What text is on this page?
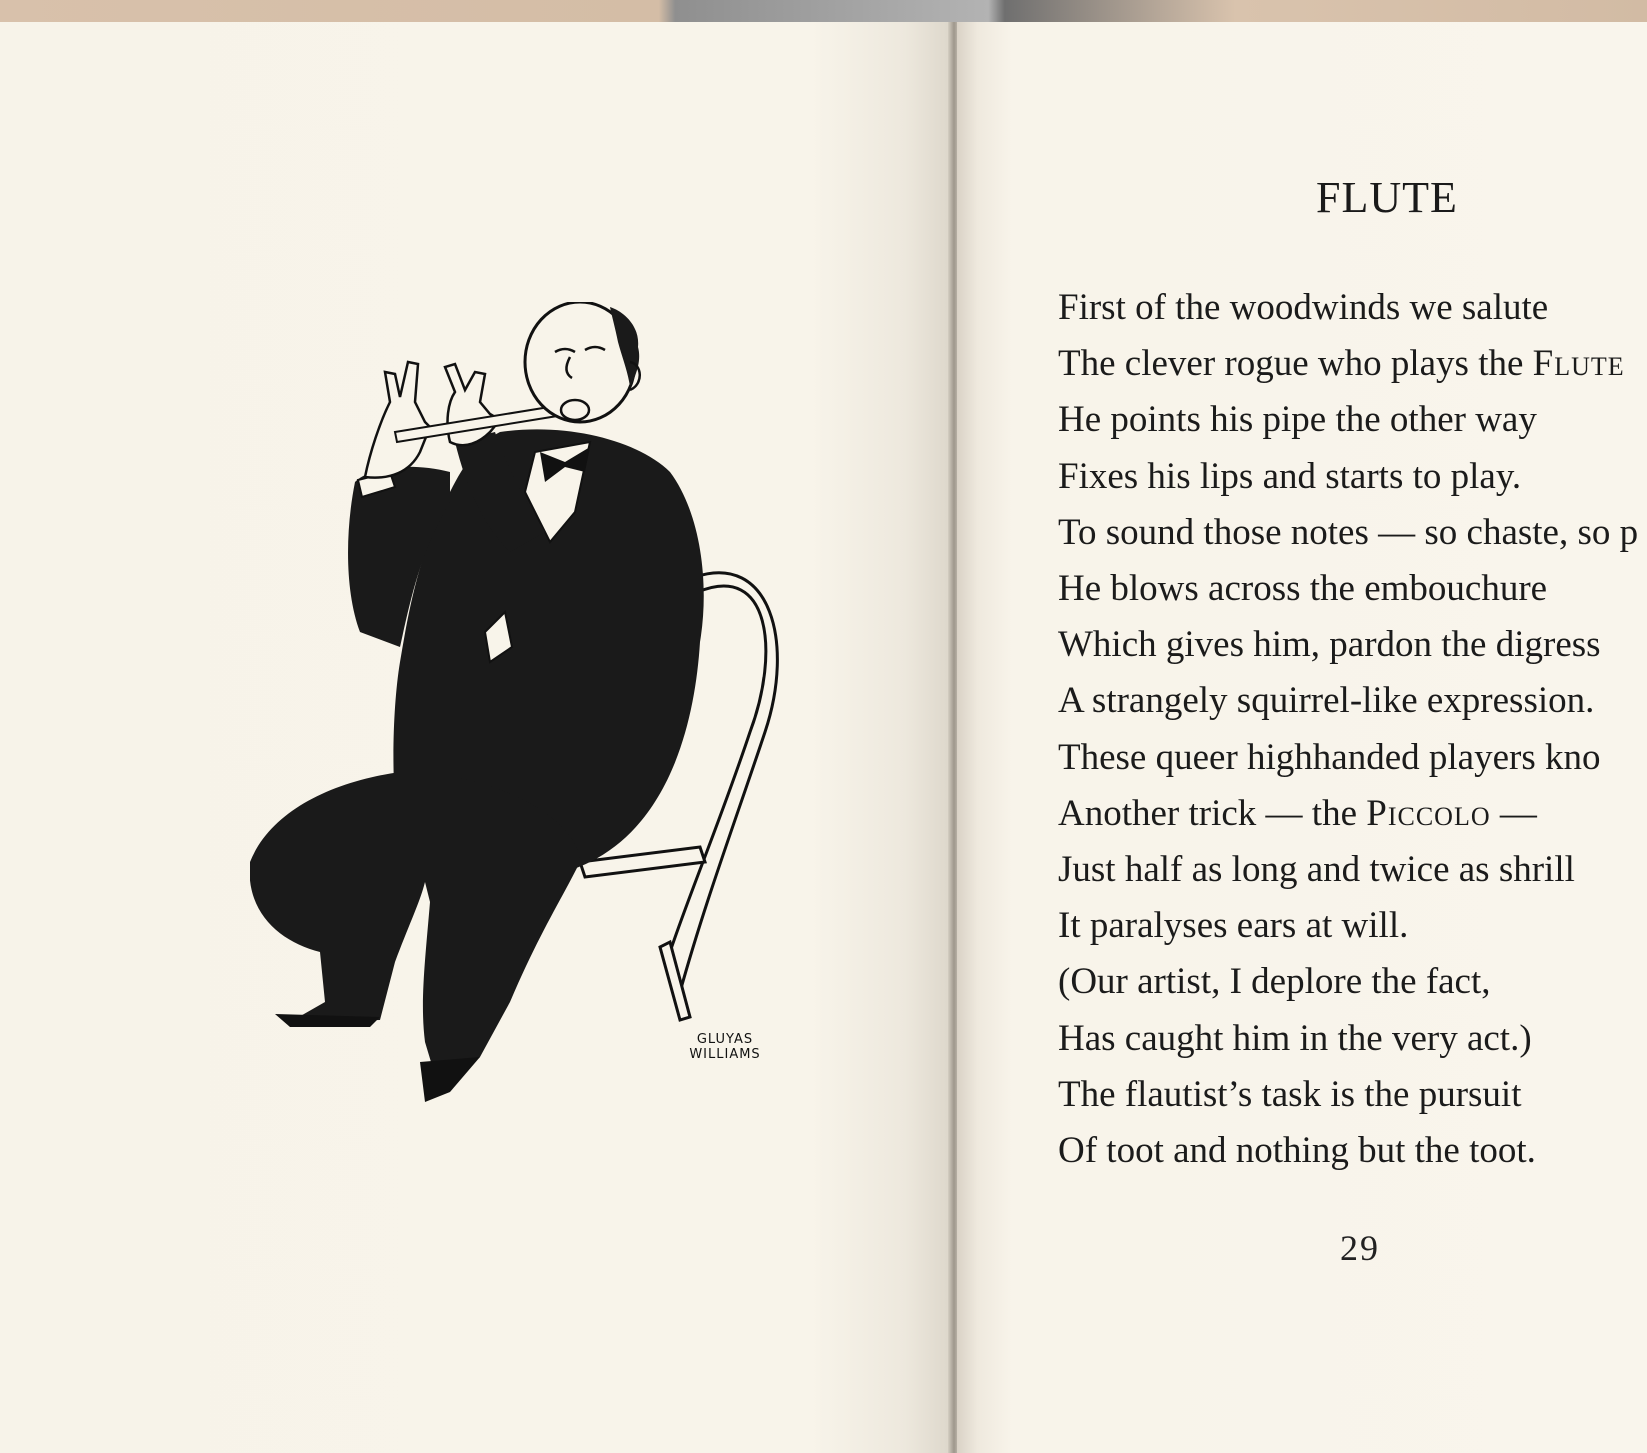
GLUYAS
WILLIAMS
FLUTE
First of the woodwinds we salute
The clever rogue who plays the Flute
He points his pipe the other way
Fixes his lips and starts to play.
To sound those notes — so chaste, so p
He blows across the embouchure
Which gives him, pardon the digress
A strangely squirrel-like expression.
These queer highhanded players kno
Another trick — the Piccolo —
Just half as long and twice as shrill
It paralyses ears at will.
(Our artist, I deplore the fact,
Has caught him in the very act.)
The flautist’s task is the pursuit
Of toot and nothing but the toot.
29
